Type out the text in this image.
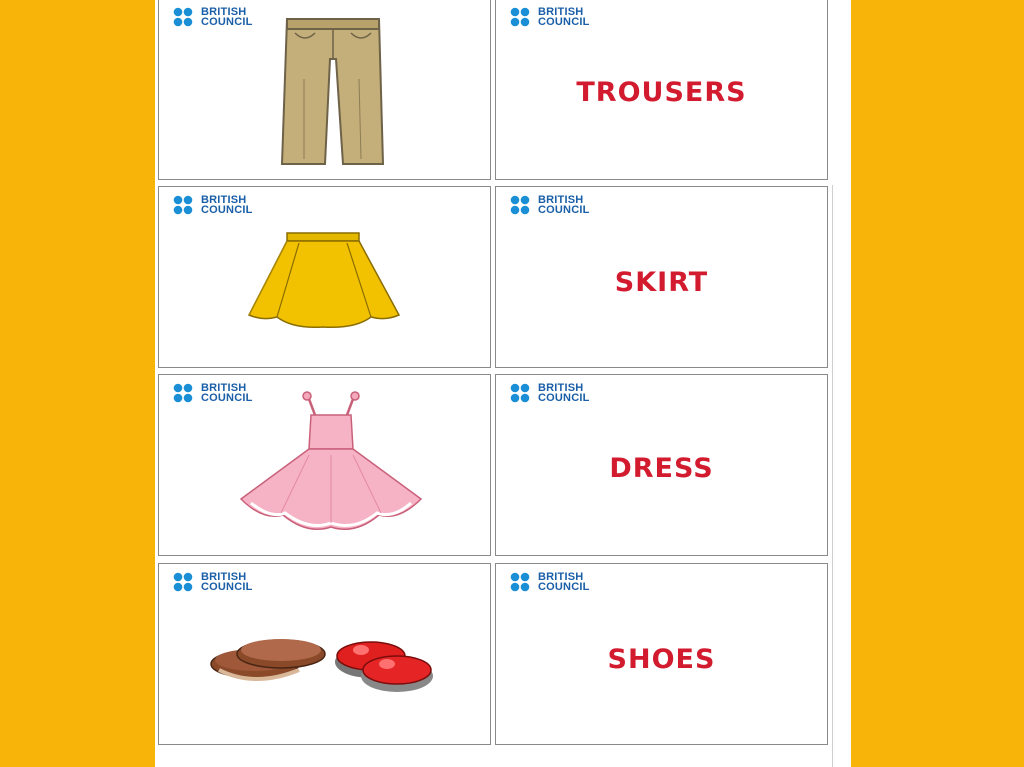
BRITISH
COUNCIL
BRITISH
COUNCIL
TROUSERS
BRITISH
COUNCIL
BRITISH
COUNCIL
SKIRT
BRITISH
COUNCIL
BRITISH
COUNCIL
DRESS
BRITISH
COUNCIL
BRITISH
COUNCIL
SHOES
